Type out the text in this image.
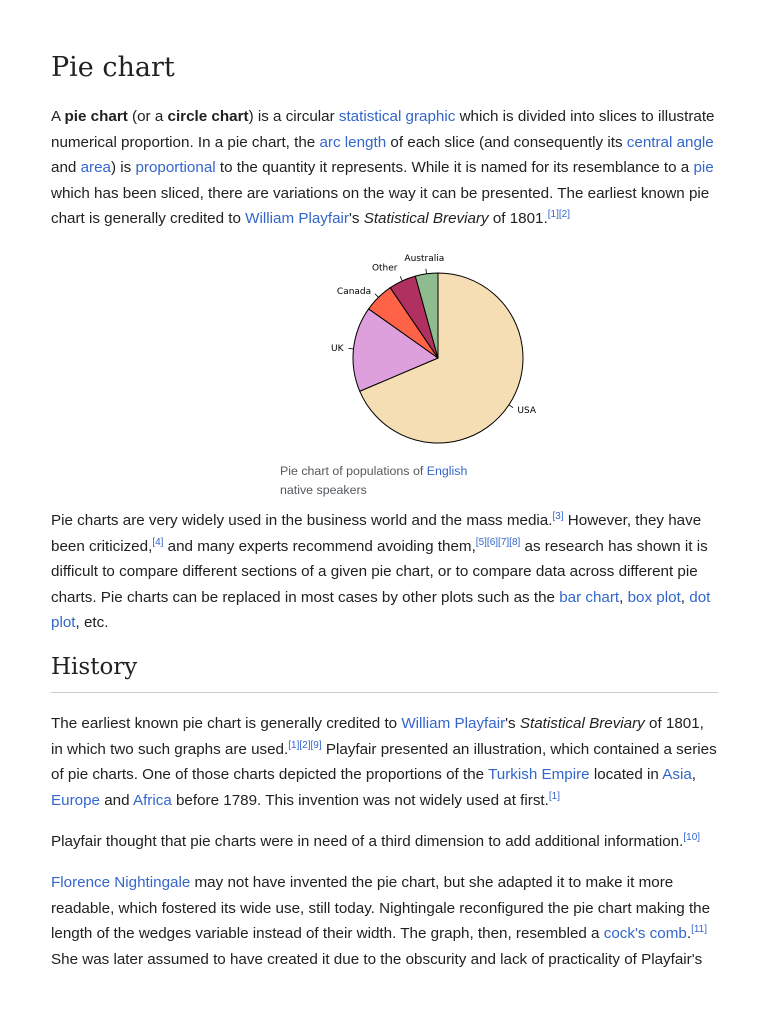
Pie chart

A pie chart (or a circle chart) is a circular statistical graphic which is divided into slices to illustrate numerical proportion. In a pie chart, the arc length of each slice (and consequently its central angle and area) is proportional to the quantity it represents. While it is named for its resemblance to a pie which has been sliced, there are variations on the way it can be presented. The earliest known pie chart is generally credited to William Playfair's Statistical Breviary of 1801.[1][2]

USA
UK
Canada
Other
Australia
Pie chart of populations of English native speakers

Pie charts are very widely used in the business world and the mass media.[3] However, they have been criticized,[4] and many experts recommend avoiding them,[5][6][7][8] as research has shown it is difficult to compare different sections of a given pie chart, or to compare data across different pie charts. Pie charts can be replaced in most cases by other plots such as the bar chart, box plot, dot plot, etc.

History

The earliest known pie chart is generally credited to William Playfair's Statistical Breviary of 1801, in which two such graphs are used.[1][2][9] Playfair presented an illustration, which contained a series of pie charts. One of those charts depicted the proportions of the Turkish Empire located in Asia, Europe and Africa before 1789. This invention was not widely used at first.[1]

Playfair thought that pie charts were in need of a third dimension to add additional information.[10]

Florence Nightingale may not have invented the pie chart, but she adapted it to make it more readable, which fostered its wide use, still today. Nightingale reconfigured the pie chart making the length of the wedges variable instead of their width. The graph, then, resembled a cock's comb.[11] She was later assumed to have created it due to the obscurity and lack of practicality of Playfair's
